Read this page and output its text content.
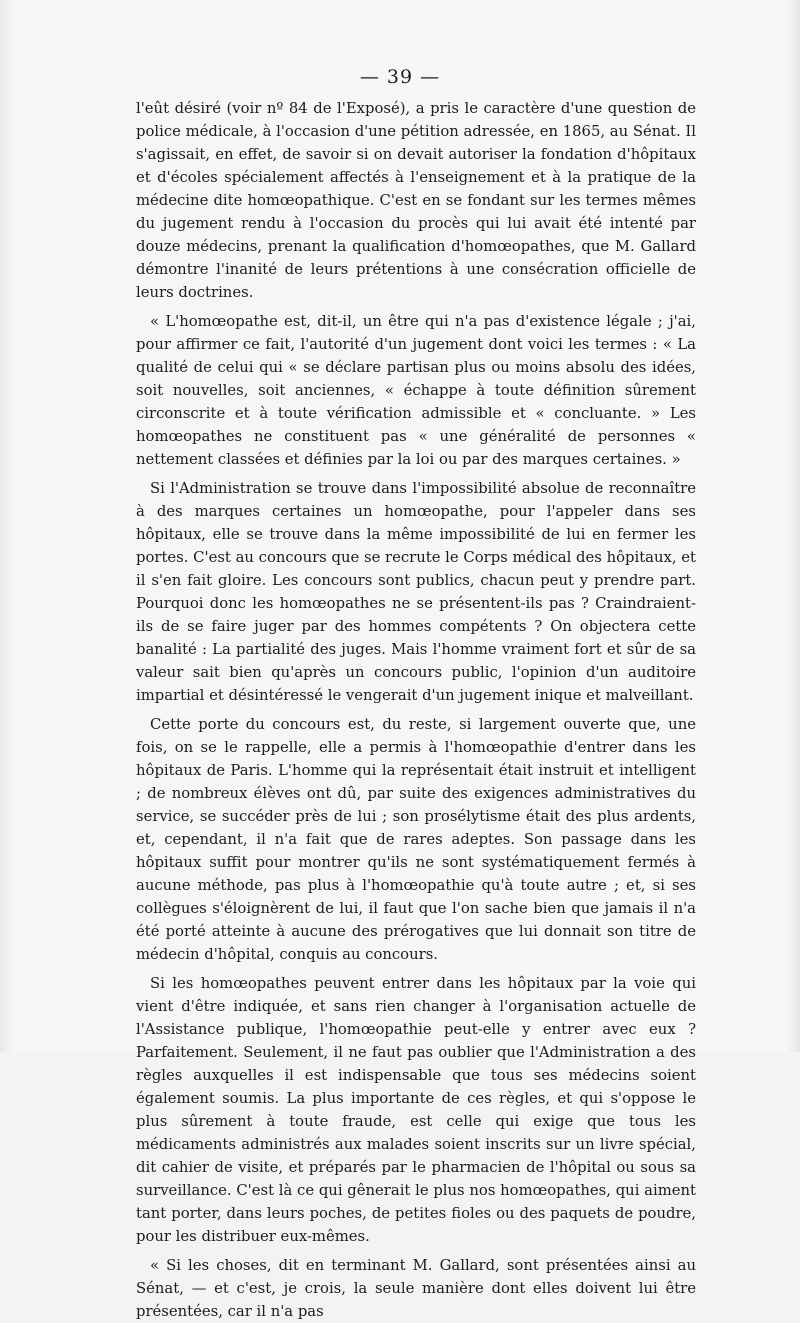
— 39 —

l'eût désiré (voir nº 84 de l'Exposé), a pris le caractère d'une question de police médicale, à l'occasion d'une pétition adressée, en 1865, au Sénat. Il s'agissait, en effet, de savoir si on devait autoriser la fondation d'hôpitaux et d'écoles spécialement affectés à l'enseignement et à la pratique de la médecine dite homœopathique. C'est en se fondant sur les termes mêmes du jugement rendu à l'occasion du procès qui lui avait été intenté par douze médecins, prenant la qualification d'homœopathes, que M. Gallard démontre l'inanité de leurs prétentions à une consécration officielle de leurs doctrines.

« L'homœopathe est, dit-il, un être qui n'a pas d'existence légale ; j'ai, pour affirmer ce fait, l'autorité d'un jugement dont voici les termes : « La qualité de celui qui « se déclare partisan plus ou moins absolu des idées, soit nouvelles, soit anciennes, « échappe à toute définition sûrement circonscrite et à toute vérification admissible et « concluante. » Les homœopathes ne constituent pas « une généralité de personnes « nettement classées et définies par la loi ou par des marques certaines. »

Si l'Administration se trouve dans l'impossibilité absolue de reconnaître à des marques certaines un homœopathe, pour l'appeler dans ses hôpitaux, elle se trouve dans la même impossibilité de lui en fermer les portes. C'est au concours que se recrute le Corps médical des hôpitaux, et il s'en fait gloire. Les concours sont publics, chacun peut y prendre part. Pourquoi donc les homœopathes ne se présentent-ils pas ? Craindraient-ils de se faire juger par des hommes compétents ? On objectera cette banalité : La partialité des juges. Mais l'homme vraiment fort et sûr de sa valeur sait bien qu'après un concours public, l'opinion d'un auditoire impartial et désintéressé le vengerait d'un jugement inique et malveillant.

Cette porte du concours est, du reste, si largement ouverte que, une fois, on se le rappelle, elle a permis à l'homœopathie d'entrer dans les hôpitaux de Paris. L'homme qui la représentait était instruit et intelligent ; de nombreux élèves ont dû, par suite des exigences administratives du service, se succéder près de lui ; son prosélytisme était des plus ardents, et, cependant, il n'a fait que de rares adeptes. Son passage dans les hôpitaux suffit pour montrer qu'ils ne sont systématiquement fermés à aucune méthode, pas plus à l'homœopathie qu'à toute autre ; et, si ses collègues s'éloignèrent de lui, il faut que l'on sache bien que jamais il n'a été porté atteinte à aucune des prérogatives que lui donnait son titre de médecin d'hôpital, conquis au concours.

Si les homœopathes peuvent entrer dans les hôpitaux par la voie qui vient d'être indiquée, et sans rien changer à l'organisation actuelle de l'Assistance publique, l'homœopathie peut-elle y entrer avec eux ? Parfaitement. Seulement, il ne faut pas oublier que l'Administration a des règles auxquelles il est indispensable que tous ses médecins soient également soumis. La plus importante de ces règles, et qui s'oppose le plus sûrement à toute fraude, est celle qui exige que tous les médicaments administrés aux malades soient inscrits sur un livre spécial, dit cahier de visite, et préparés par le pharmacien de l'hôpital ou sous sa surveillance. C'est là ce qui gênerait le plus nos homœopathes, qui aiment tant porter, dans leurs poches, de petites fioles ou des paquets de poudre, pour les distribuer eux-mêmes.

« Si les choses, dit en terminant M. Gallard, sont présentées ainsi au Sénat, — et c'est, je crois, la seule manière dont elles doivent lui être présentées, car il n'a pas
